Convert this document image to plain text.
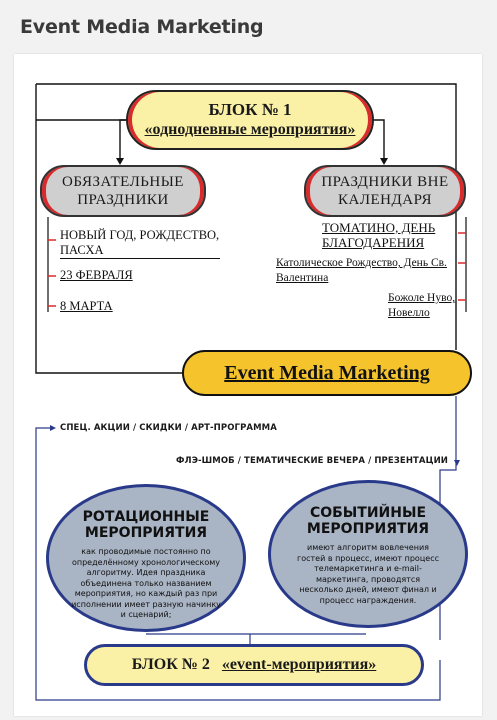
Event Media Marketing
БЛОК № 1
«однодневные мероприятия»
ОБЯЗАТЕЛЬНЫЕ
ПРАЗДНИКИ
ПРАЗДНИКИ ВНЕ
КАЛЕНДАРЯ
НОВЫЙ ГОД, РОЖДЕСТВО, ПАСХА
23 ФЕВРАЛЯ
8 МАРТА
ТОМАТИНО, ДЕНЬ БЛАГОДАРЕНИЯ
Католическое Рождество, День Св. Валентина
Божоле Нуво, Новелло
Event Media Marketing
СПЕЦ. АКЦИИ / СКИДКИ / АРТ-ПРОГРАММА
ФЛЭ-ШМОБ / ТЕМАТИЧЕСКИЕ ВЕЧЕРА / ПРЕЗЕНТАЦИИ
РОТАЦИОННЫЕ
МЕРОПРИЯТИЯ
как проводимые постоянно по определённому хронологическому алгоритму. Идея праздника объединена только названием мероприятия, но каждый раз при исполнении имеет разную начинку и сценарий;
СОБЫТИЙНЫЕ
МЕРОПРИЯТИЯ
имеют алгоритм вовлечения гостей в процесс, имеют процесс телемаркетинга и e-mail-маркетинга, проводятся несколько дней, имеют финал и процесс награждения.
БЛОК № 2 «event-мероприятия»
